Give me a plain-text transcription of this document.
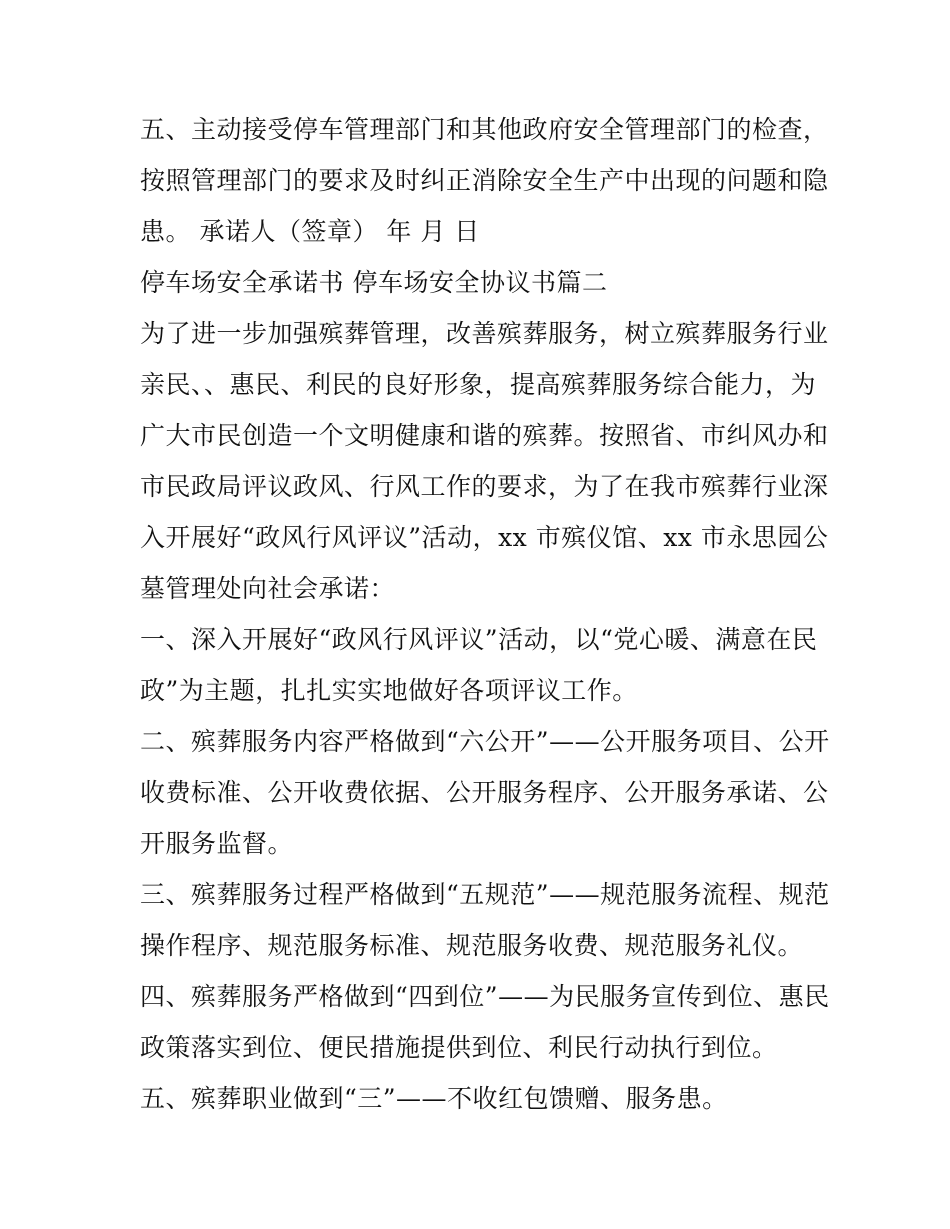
五、主动接受停车管理部门和其他政府安全管理部门的检查，
按照管理部门的要求及时纠正消除安全生产中出现的问题和隐
患。 承诺人（签章） 年 月 日
停车场安全承诺书 停车场安全协议书篇二
为了进一步加强殡葬管理，改善殡葬服务，树立殡葬服务行业
亲民、、惠民、利民的良好形象，提高殡葬服务综合能力，为
广大市民创造一个文明健康和谐的殡葬。按照省、市纠风办和
市民政局评议政风、行风工作的要求，为了在我市殡葬行业深
入开展好“政风行风评议”活动，xx 市殡仪馆、xx 市永思园公
墓管理处向社会承诺：
一、深入开展好“政风行风评议”活动，以“党心暖、满意在民
政”为主题，扎扎实实地做好各项评议工作。
二、殡葬服务内容严格做到“六公开”——公开服务项目、公开
收费标准、公开收费依据、公开服务程序、公开服务承诺、公
开服务监督。
三、殡葬服务过程严格做到“五规范”——规范服务流程、规范
操作程序、规范服务标准、规范服务收费、规范服务礼仪。
四、殡葬服务严格做到“四到位”——为民服务宣传到位、惠民
政策落实到位、便民措施提供到位、利民行动执行到位。
五、殡葬职业做到“三”——不收红包馈赠、服务患。
